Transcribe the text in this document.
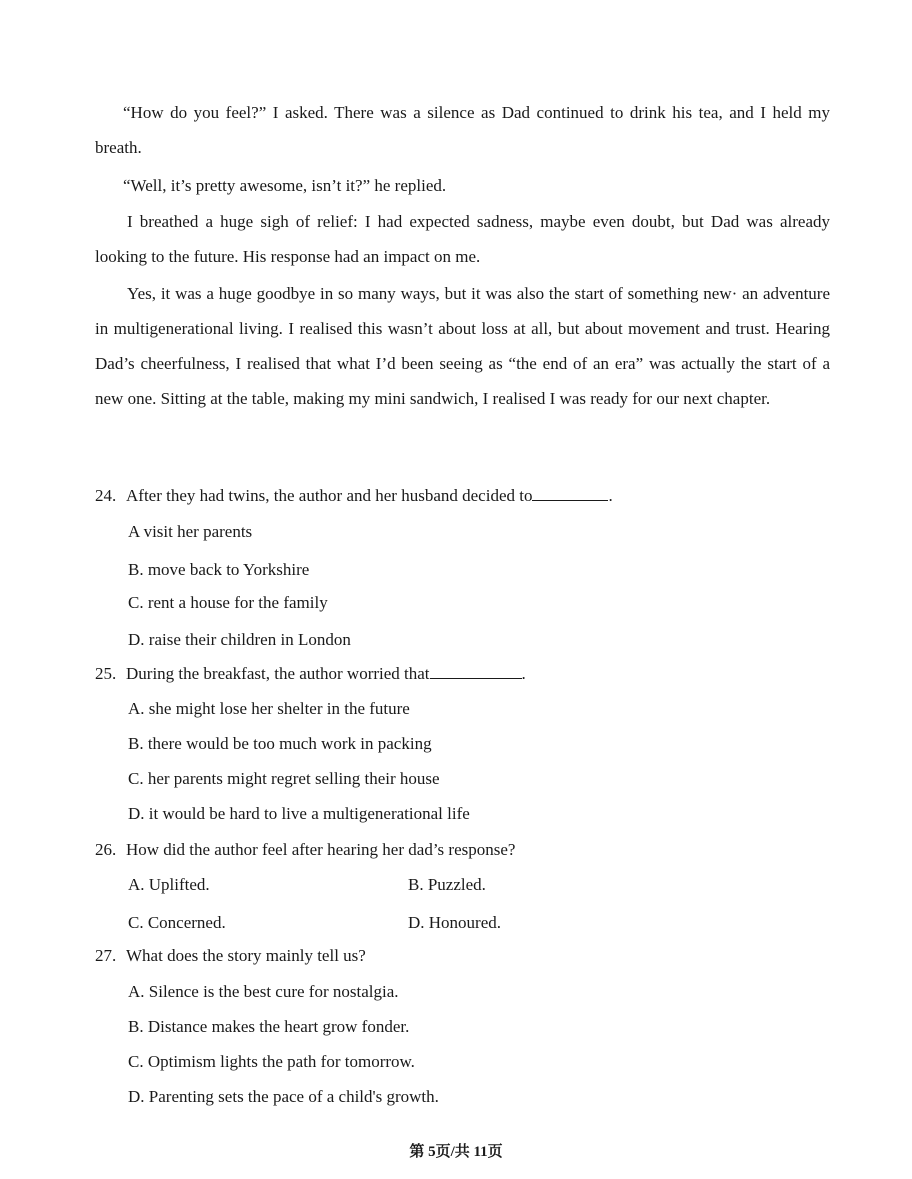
“How do you feel?” I asked. There was a silence as Dad continued to drink his tea, and I held my breath.

“Well, it’s pretty awesome, isn’t it?” he replied.

I breathed a huge sigh of relief: I had expected sadness, maybe even doubt, but Dad was already looking to the future. His response had an impact on me.

Yes, it was a huge goodbye in so many ways, but it was also the start of something new· an adventure in multigenerational living. I realised this wasn’t about loss at all, but about movement and trust. Hearing Dad’s cheerfulness, I realised that what I’d been seeing as “the end of an era” was actually the start of a new one. Sitting at the table, making my mini sandwich, I realised I was ready for our next chapter.

24. After they had twins, the author and her husband decided to	.
A visit her parents
B. move back to Yorkshire
C. rent a house for the family
D. raise their children in London
25. During the breakfast, the author worried that	.
A. she might lose her shelter in the future
B. there would be too much work in packing
C. her parents might regret selling their house
D. it would be hard to live a multigenerational life
26. How did the author feel after hearing her dad’s response?
A. Uplifted.	B. Puzzled.
C. Concerned.	D. Honoured.
27. What does the story mainly tell us?
A. Silence is the best cure for nostalgia.
B. Distance makes the heart grow fonder.
C. Optimism lights the path for tomorrow.
D. Parenting sets the pace of a child's growth.
第 5页/共 11页
